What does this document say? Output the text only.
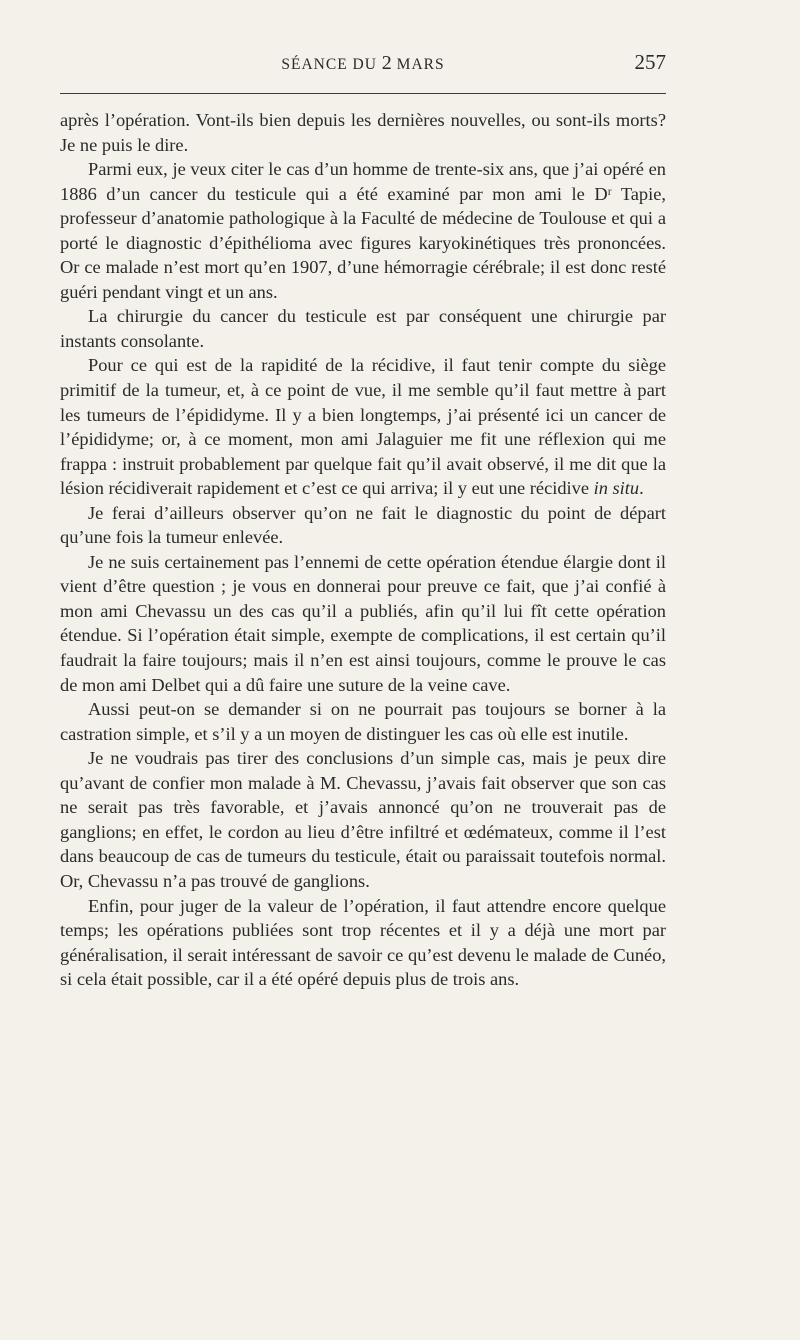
SÉANCE DU 2 MARS	257

après l’opération. Vont-ils bien depuis les dernières nouvelles, ou sont-ils morts? Je ne puis le dire.

Parmi eux, je veux citer le cas d’un homme de trente-six ans, que j’ai opéré en 1886 d’un cancer du testicule qui a été examiné par mon ami le Dʳ Tapie, professeur d’anatomie pathologique à la Faculté de médecine de Toulouse et qui a porté le diagnostic d’épithélioma avec figures karyokinétiques très prononcées. Or ce malade n’est mort qu’en 1907, d’une hémorragie cérébrale; il est donc resté guéri pendant vingt et un ans.

La chirurgie du cancer du testicule est par conséquent une chirurgie par instants consolante.

Pour ce qui est de la rapidité de la récidive, il faut tenir compte du siège primitif de la tumeur, et, à ce point de vue, il me semble qu’il faut mettre à part les tumeurs de l’épididyme. Il y a bien longtemps, j’ai présenté ici un cancer de l’épididyme; or, à ce moment, mon ami Jalaguier me fit une réflexion qui me frappa : instruit probablement par quelque fait qu’il avait observé, il me dit que la lésion récidiverait rapidement et c’est ce qui arriva; il y eut une récidive in situ.

Je ferai d’ailleurs observer qu’on ne fait le diagnostic du point de départ qu’une fois la tumeur enlevée.

Je ne suis certainement pas l’ennemi de cette opération étendue élargie dont il vient d’être question ; je vous en donnerai pour preuve ce fait, que j’ai confié à mon ami Chevassu un des cas qu’il a publiés, afin qu’il lui fît cette opération étendue. Si l’opération était simple, exempte de complications, il est certain qu’il faudrait la faire toujours; mais il n’en est ainsi toujours, comme le prouve le cas de mon ami Delbet qui a dû faire une suture de la veine cave.

Aussi peut-on se demander si on ne pourrait pas toujours se borner à la castration simple, et s’il y a un moyen de distinguer les cas où elle est inutile.

Je ne voudrais pas tirer des conclusions d’un simple cas, mais je peux dire qu’avant de confier mon malade à M. Chevassu, j’avais fait observer que son cas ne serait pas très favorable, et j’avais annoncé qu’on ne trouverait pas de ganglions; en effet, le cordon au lieu d’être infiltré et œdémateux, comme il l’est dans beaucoup de cas de tumeurs du testicule, était ou paraissait toutefois normal. Or, Chevassu n’a pas trouvé de ganglions.

Enfin, pour juger de la valeur de l’opération, il faut attendre encore quelque temps; les opérations publiées sont trop récentes et il y a déjà une mort par généralisation, il serait intéressant de savoir ce qu’est devenu le malade de Cunéo, si cela était possible, car il a été opéré depuis plus de trois ans.
